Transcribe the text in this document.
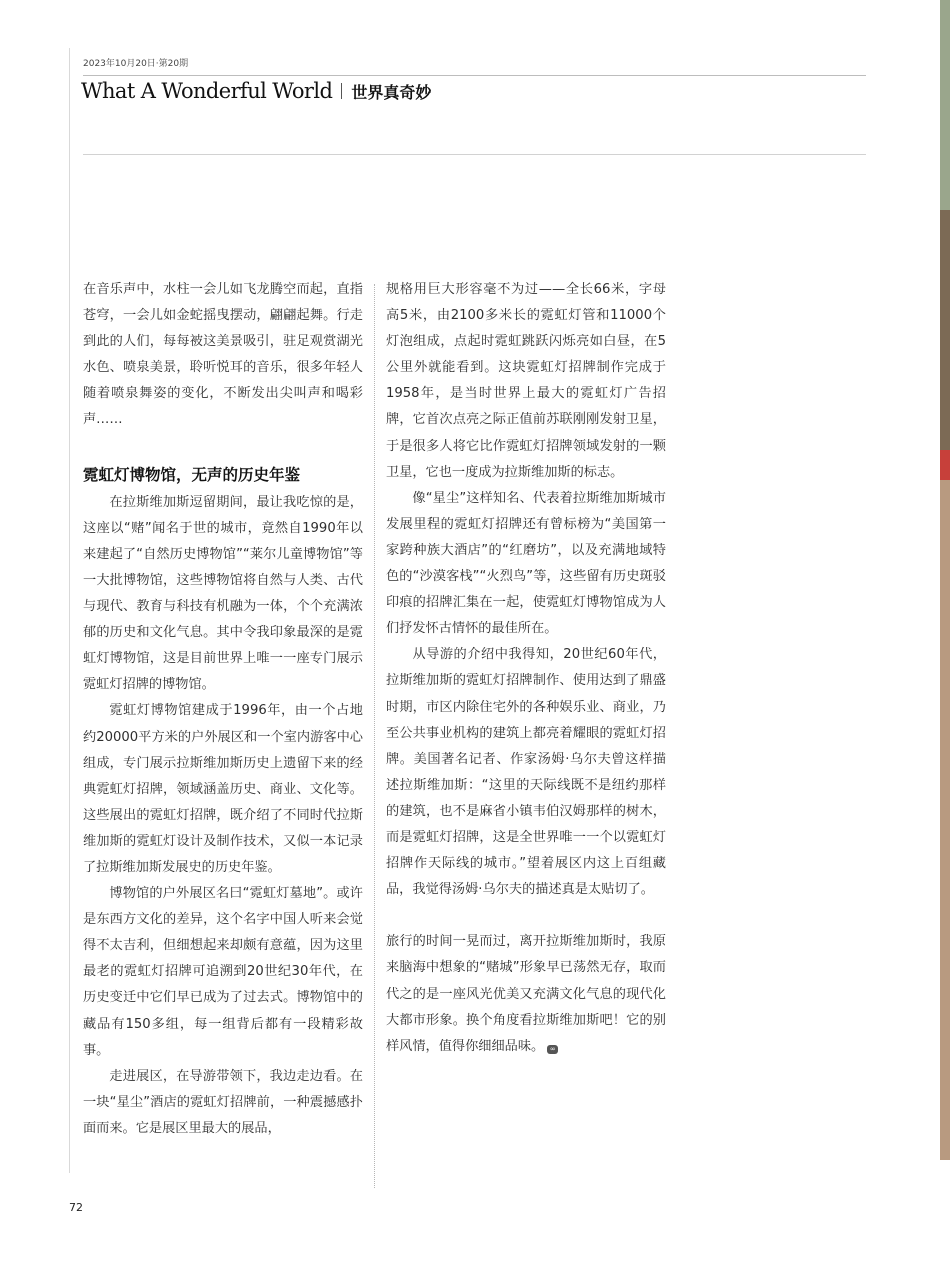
2023年10月20日·第20期
What A Wonderful World 世界真奇妙

在音乐声中，水柱一会儿如飞龙腾空而起，直指苍穹，一会儿如金蛇摇曳摆动，翩翩起舞。行走到此的人们，每每被这美景吸引，驻足观赏湖光水色、喷泉美景，聆听悦耳的音乐，很多年轻人随着喷泉舞姿的变化，不断发出尖叫声和喝彩声……

霓虹灯博物馆，无声的历史年鉴

在拉斯维加斯逗留期间，最让我吃惊的是，这座以“赌”闻名于世的城市，竟然自1990年以来建起了“自然历史博物馆”“莱尔儿童博物馆”等一大批博物馆，这些博物馆将自然与人类、古代与现代、教育与科技有机融为一体，个个充满浓郁的历史和文化气息。其中令我印象最深的是霓虹灯博物馆，这是目前世界上唯一一座专门展示霓虹灯招牌的博物馆。

霓虹灯博物馆建成于1996年，由一个占地约20000平方米的户外展区和一个室内游客中心组成，专门展示拉斯维加斯历史上遗留下来的经典霓虹灯招牌，领域涵盖历史、商业、文化等。这些展出的霓虹灯招牌，既介绍了不同时代拉斯维加斯的霓虹灯设计及制作技术，又似一本记录了拉斯维加斯发展史的历史年鉴。

博物馆的户外展区名曰“霓虹灯墓地”。或许是东西方文化的差异，这个名字中国人听来会觉得不太吉利，但细想起来却颇有意蕴，因为这里最老的霓虹灯招牌可追溯到20世纪30年代，在历史变迁中它们早已成为了过去式。博物馆中的藏品有150多组，每一组背后都有一段精彩故事。

走进展区，在导游带领下，我边走边看。在一块“星尘”酒店的霓虹灯招牌前，一种震撼感扑面而来。它是展区里最大的展品，

规格用巨大形容毫不为过——全长66米，字母高5米，由2100多米长的霓虹灯管和11000个灯泡组成，点起时霓虹跳跃闪烁亮如白昼，在5公里外就能看到。这块霓虹灯招牌制作完成于1958年，是当时世界上最大的霓虹灯广告招牌，它首次点亮之际正值前苏联刚刚发射卫星，于是很多人将它比作霓虹灯招牌领域发射的一颗卫星，它也一度成为拉斯维加斯的标志。

像“星尘”这样知名、代表着拉斯维加斯城市发展里程的霓虹灯招牌还有曾标榜为“美国第一家跨种族大酒店”的“红磨坊”，以及充满地域特色的“沙漠客栈”“火烈鸟”等，这些留有历史斑驳印痕的招牌汇集在一起，使霓虹灯博物馆成为人们抒发怀古情怀的最佳所在。

从导游的介绍中我得知，20世纪60年代，拉斯维加斯的霓虹灯招牌制作、使用达到了鼎盛时期，市区内除住宅外的各种娱乐业、商业，乃至公共事业机构的建筑上都亮着耀眼的霓虹灯招牌。美国著名记者、作家汤姆·乌尔夫曾这样描述拉斯维加斯：“这里的天际线既不是纽约那样的建筑，也不是麻省小镇韦伯汉姆那样的树木，而是霓虹灯招牌，这是全世界唯一一个以霓虹灯招牌作天际线的城市。”望着展区内这上百组藏品，我觉得汤姆·乌尔夫的描述真是太贴切了。

旅行的时间一晃而过，离开拉斯维加斯时，我原来脑海中想象的“赌城”形象早已荡然无存，取而代之的是一座风光优美又充满文化气息的现代化大都市形象。换个角度看拉斯维加斯吧！它的别样风情，值得你细细品味。 ∞

72
